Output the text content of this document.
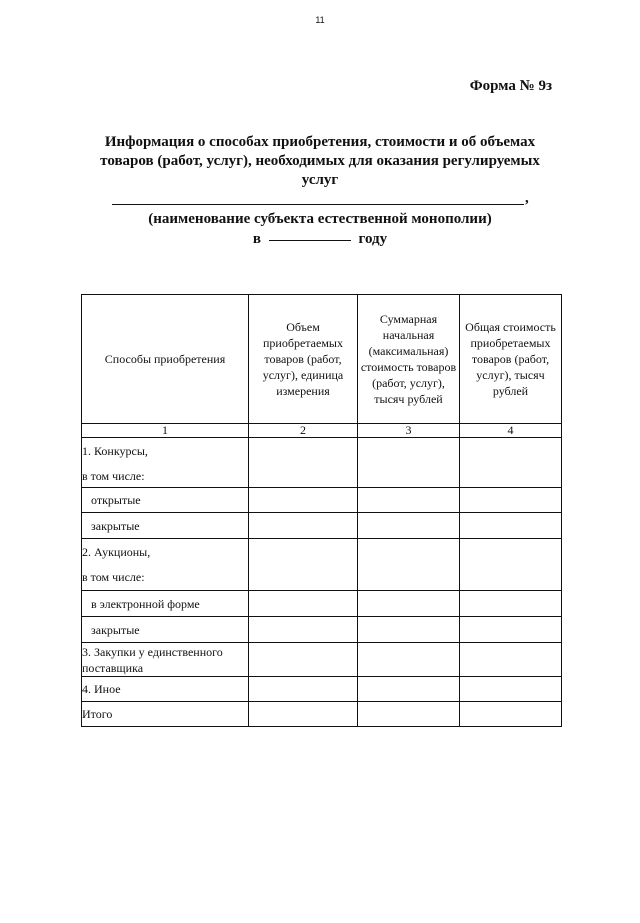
11
Форма № 9з
Информация о способах приобретения, стоимости и об объемах
товаров (работ, услуг), необходимых для оказания регулируемых
услуг
,
(наименование субъекта естественной монополии)
в	году
Способы приобретения	Объем приобретаемых товаров (работ, услуг), единица измерения	Суммарная начальная (максимальная) стоимость товаров (работ, услуг), тысяч рублей	Общая стоимость приобретаемых товаров (работ, услуг), тысяч рублей
1	2	3	4

1. Конкурсы,
в том числе:			

открытые			
закрытые			

2. Аукционы,
в том числе:			

в электронной форме			
закрытые			
3. Закупки у единственного поставщика			
4. Иное			
Итого			
